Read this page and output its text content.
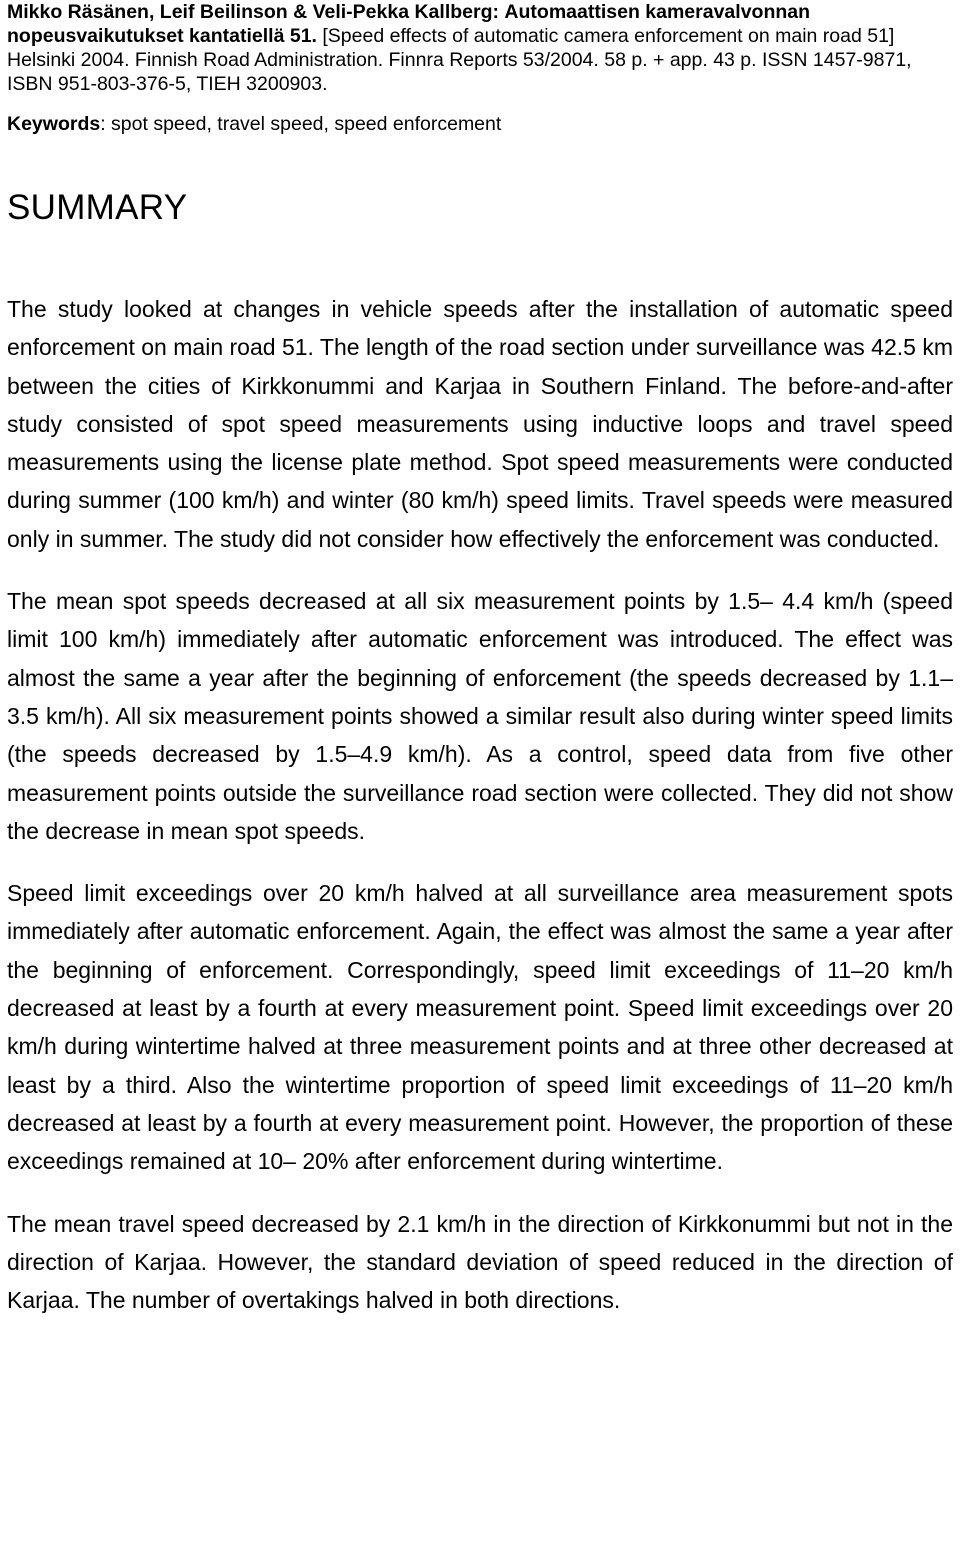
Mikko Räsänen, Leif Beilinson & Veli-Pekka Kallberg: Automaattisen kameravalvonnan nopeusvaikutukset kantatiellä 51. [Speed effects of automatic camera enforcement on main road 51] Helsinki 2004. Finnish Road Administration. Finnra Reports 53/2004. 58 p. + app. 43 p. ISSN 1457-9871, ISBN 951-803-376-5, TIEH 3200903.

Keywords: spot speed, travel speed, speed enforcement

SUMMARY

The study looked at changes in vehicle speeds after the installation of automatic speed enforcement on main road 51. The length of the road section under surveillance was 42.5 km between the cities of Kirkkonummi and Karjaa in Southern Finland. The before-and-after study consisted of spot speed measurements using inductive loops and travel speed measurements using the license plate method. Spot speed measurements were conducted during summer (100 km/h) and winter (80 km/h) speed limits. Travel speeds were measured only in summer. The study did not consider how effectively the enforcement was conducted.

The mean spot speeds decreased at all six measurement points by 1.5– 4.4 km/h (speed limit 100 km/h) immediately after automatic enforcement was introduced. The effect was almost the same a year after the beginning of enforcement (the speeds decreased by 1.1–3.5 km/h). All six measurement points showed a similar result also during winter speed limits (the speeds decreased by 1.5–4.9 km/h). As a control, speed data from five other measurement points outside the surveillance road section were collected. They did not show the decrease in mean spot speeds.

Speed limit exceedings over 20 km/h halved at all surveillance area measurement spots immediately after automatic enforcement. Again, the effect was almost the same a year after the beginning of enforcement. Correspondingly, speed limit exceedings of 11–20 km/h decreased at least by a fourth at every measurement point. Speed limit exceedings over 20 km/h during wintertime halved at three measurement points and at three other decreased at least by a third. Also the wintertime proportion of speed limit exceedings of 11–20 km/h decreased at least by a fourth at every measurement point. However, the proportion of these exceedings remained at 10– 20% after enforcement during wintertime.

The mean travel speed decreased by 2.1 km/h in the direction of Kirkkonummi but not in the direction of Karjaa. However, the standard deviation of speed reduced in the direction of Karjaa. The number of overtakings halved in both directions.
